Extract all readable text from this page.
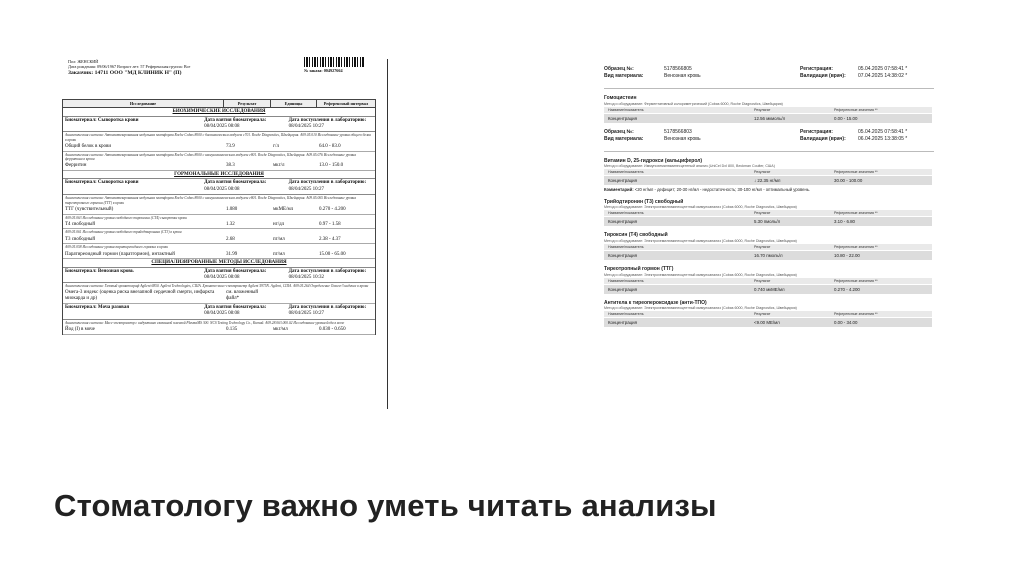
Пол: ЖЕНСКИЙ
Дата рождения: 09/06/1967 Возраст лет: 57 Референсная группа: Все
Заказчик: 14711 ООО "МД КЛИНИК Н" (П)	№ заказа: 004927664
Исследование	Результат	Единицы	Референсный интервал
БИОХИМИЧЕСКИЕ ИССЛЕДОВАНИЯ
Биоматериал: Сыворотка крови	Дата взятия биоматериала:
08/04/2025 08:08
Дата поступления в лабораторию:
08/04/2025 10:27
Аналитическая система: Автоматизированная модульная платформа Roche Cobas 8000 с биохимическим модулем c701. Roche Diagnostics, Швейцария. А09.05.010 Исследование уровня общего белка в крови
Общий белок в крови	73.9	г/л	64.0 - 83.0
Аналитическая система: Автоматизированная модульная платформа Roche Cobas 8000 с иммунохимическим модулем e801. Roche Diagnostics, Швейцария. А09.05.076 Исследование уровня ферритина в крови
Ферритин	38.3	мкг/л	13.0 - 150.0
ГОРМОНАЛЬНЫЕ ИССЛЕДОВАНИЯ
Биоматериал: Сыворотка крови	Дата взятия биоматериала:
08/04/2025 08:08
Дата поступления в лабораторию:
08/04/2025 10:27
Аналитическая система: Автоматизированная модульная платформа Roche Cobas 8000 с иммунохимическим модулем e801. Roche Diagnostics, Швейцария. А09.05.065 Исследование уровня тиреотропного гормона (ТТГ) в крови
ТТГ (чувствительный)	1.080	мкМЕ/мл	0.270 - 4.200
А09.05.063 Исследование уровня свободного тироксина (СТ4) сыворотки крови
Т4 свободный	1.32	нг/дл	0.97 - 1.58
А09.05.061 Исследование уровня свободного трийодтиронина (СТ3) в крови
Т3 свободный	2.68	пг/мл	2.38 - 4.37
А09.05.058 Исследование уровня паратиреоидного гормона в крови
Паратиреоидный гормон (паратгормон), интактный	31.99	пг/мл	15.00 - 65.00
СПЕЦИАЛИЗИРОВАННЫЕ МЕТОДЫ ИССЛЕДОВАНИЯ
Биоматериал: Венозная кровь	Дата взятия биоматериала:
08/04/2025 08:08
Дата поступления в лабораторию:
08/04/2025 10:32
Аналитическая система: Газовый хроматограф Agilent 6850. Agilent Technologies, США. Хромато-масс-спектрометр Agilent 5975N. Agilent, США. А09.05.264 Определение Омега-3 индекса в крови
Омега-3 индекс (оценка риска внезапной сердечной смерти, инфаркта миокарда и др)
см. вложенный файл*
Биоматериал: Моча разовая	Дата взятия биоматериала:
08/04/2025 08:08
Дата поступления в лабораторию:
08/04/2025 10:27
Аналитическая система: Масс-спектрометр с индуктивно связанной плазмой PlasmaMS 300. NCS Testing Technology Co., Китай. А09.28.063.000.02 Исследование уровня йода в моче
Йод (I) в моче	0.135	мкг/мл	0.030 - 0.650
Образец №:	5178566805
Вид материала:	Венозная кровь
Регистрация:	05.04.2025 07:58:41 *
Валидация (врач): 07.04.2025 14:38:02 *
Гомоцистеин
Метод и оборудование: Ферментативный колориметрический (Cobas 6000, Roche Diagnostics, Швейцария)
Название/показатель	Результат	Референсные значения **
Концентрация	12.56 мкмоль/л	0.00 - 15.00
Образец №:	5178566803
Вид материала:	Венозная кровь
Регистрация:	05.04.2025 07:58:41 *
Валидация (врач): 06.04.2025 13:38:05 *
Витамин D, 25-гидрокси (кальциферол)
Метод и оборудование: Иммунохемилюминесцентный анализ (UniCel DxI 800, Beckman Coulter, США)
Название/показатель	Результат	Референсные значения **
Концентрация	↓ 22.35 нг/мл	30.00 - 100.00
Комментарий: <20 нг/мл - дефицит; 20-30 нг/мл - недостаточность; 30-100 нг/мл - оптимальный уровень.
Трийодтиронин (Т3) свободный
Метод и оборудование: Электрохемилюминесцентный иммуноанализ (Cobas 6000, Roche Diagnostics, Швейцария)
Название/показатель	Результат	Референсные значения **
Концентрация	5.30 пмоль/л	3.10 - 6.80
Тироксин (Т4) свободный
Метод и оборудование: Электрохемилюминесцентный иммуноанализ (Cobas 6000, Roche Diagnostics, Швейцария)
Название/показатель	Результат	Референсные значения **
Концентрация	16.70 пмоль/л	10.80 - 22.00
Тиреотропный гормон (ТТГ)
Метод и оборудование: Электрохемилюминесцентный иммуноанализ (Cobas 6000, Roche Diagnostics, Швейцария)
Название/показатель	Результат	Референсные значения **
Концентрация	0.740 мкМЕ/мл	0.270 - 4.200
Антитела к тиреопероксидазе (анти-ТПО)
Метод и оборудование: Электрохемилюминесцентный иммуноанализ (Cobas 6000, Roche Diagnostics, Швейцария)
Название/показатель	Результат	Референсные значения **
Концентрация	<9.00 МЕ/мл	0.00 - 34.00
Стоматологу важно уметь читать анализы
